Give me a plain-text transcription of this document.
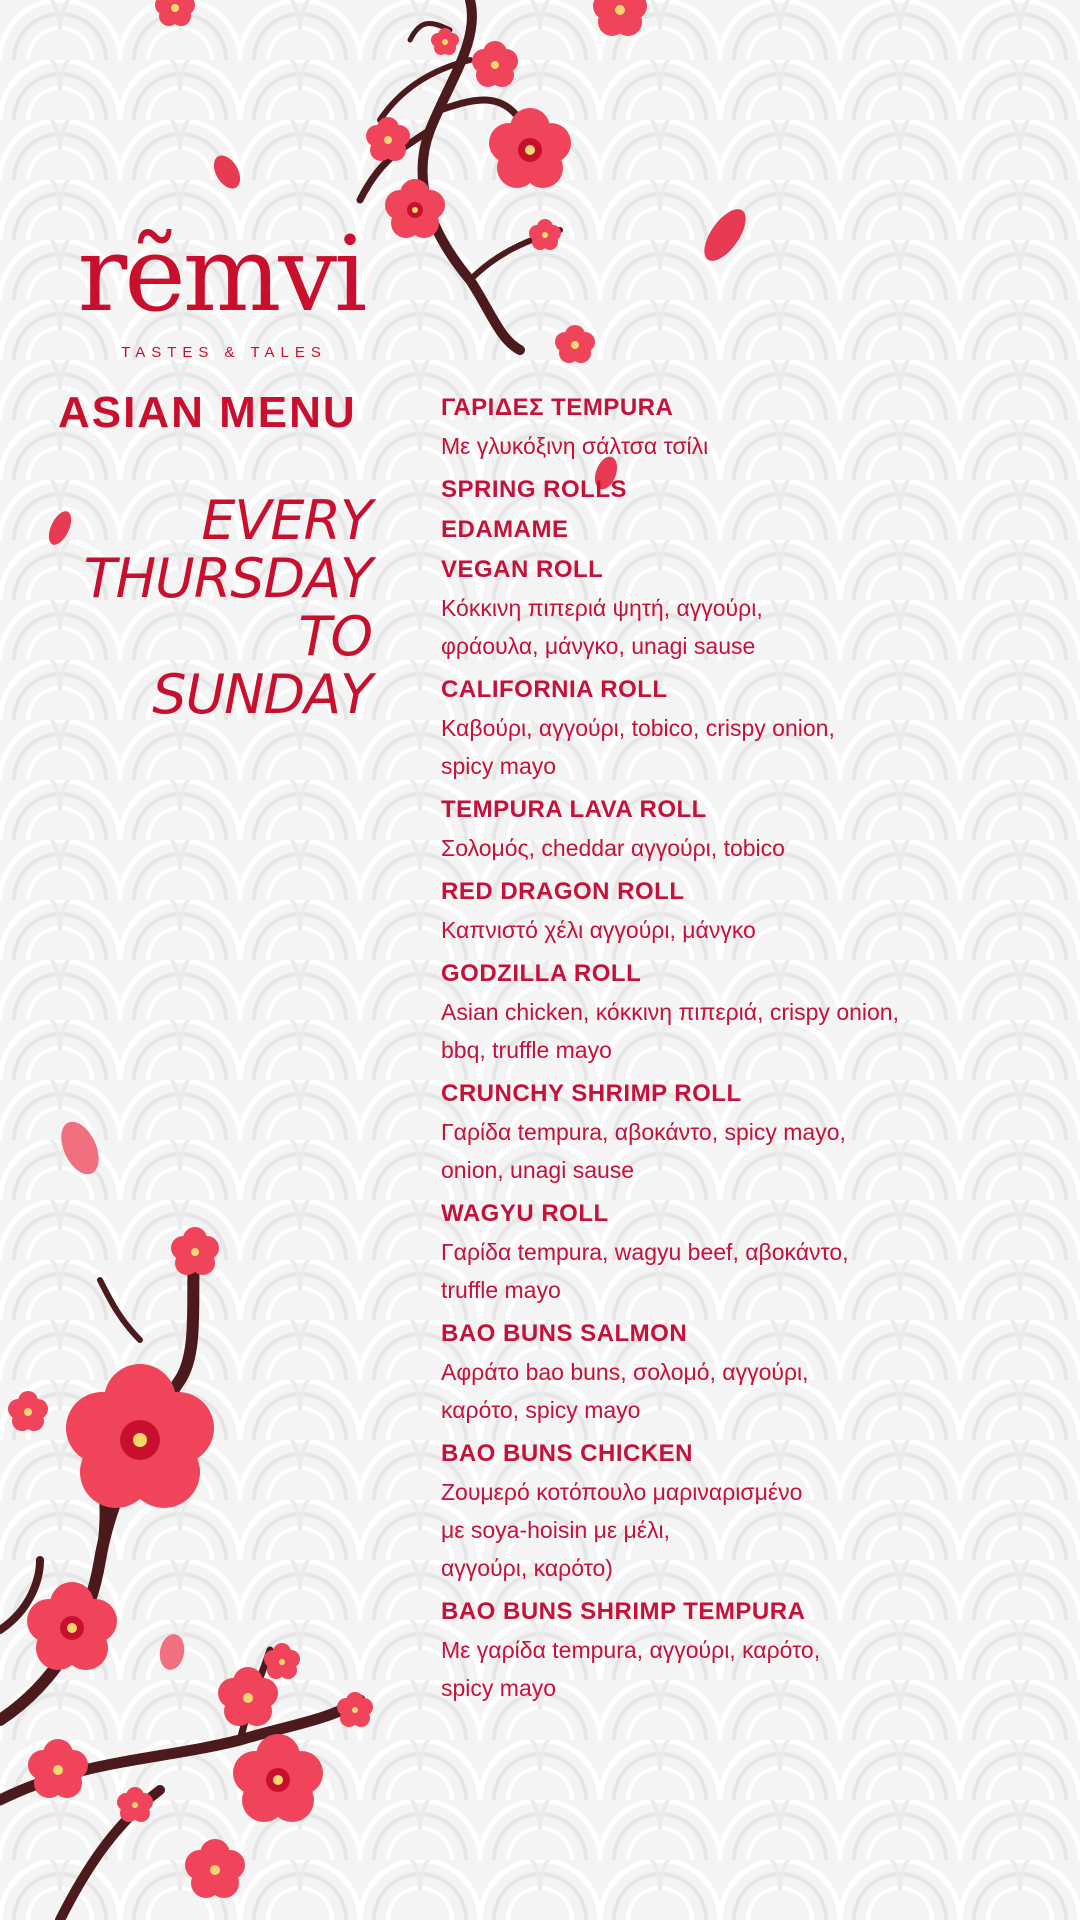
rẽmvi
TASTES & TALES
ASIAN MENU
EVERY
THURSDAY
TO
SUNDAY
ΓΑΡΙΔΕΣ TEMPURA
Με γλυκόξινη σάλτσα τσίλι
SPRING ROLLS
EDAMAME
VEGAN ROLL
Κόκκινη πιπεριά ψητή, αγγούρι,
φράουλα, μάνγκο, unagi sause
CALIFORNIA ROLL
Καβούρι, αγγούρι, tobico, crispy onion,
spicy mayo
TEMPURA LAVA ROLL
Σολομός, cheddar αγγούρι, tobico
RED DRAGON ROLL
Καπνιστό χέλι αγγούρι, μάνγκο
GODZILLA ROLL
Asian chicken, κόκκινη πιπεριά, crispy onion,
bbq, truffle mayo
CRUNCHY SHRIMP ROLL
Γαρίδα tempura, αβοκάντο, spicy mayo,
onion, unagi sause
WAGYU ROLL
Γαρίδα tempura, wagyu beef, αβοκάντο,
truffle mayo
BAO BUNS SALMON
Αφράτο bao buns, σολομό, αγγούρι,
καρότο, spicy mayo
BAO BUNS CHICKEN
Ζουμερό κοτόπουλο μαριναρισμένο
με soya-hoisin με μέλι,
αγγούρι, καρότο)
BAO BUNS SHRIMP TEMPURA
Με γαρίδα tempura, αγγούρι, καρότο,
spicy mayo
